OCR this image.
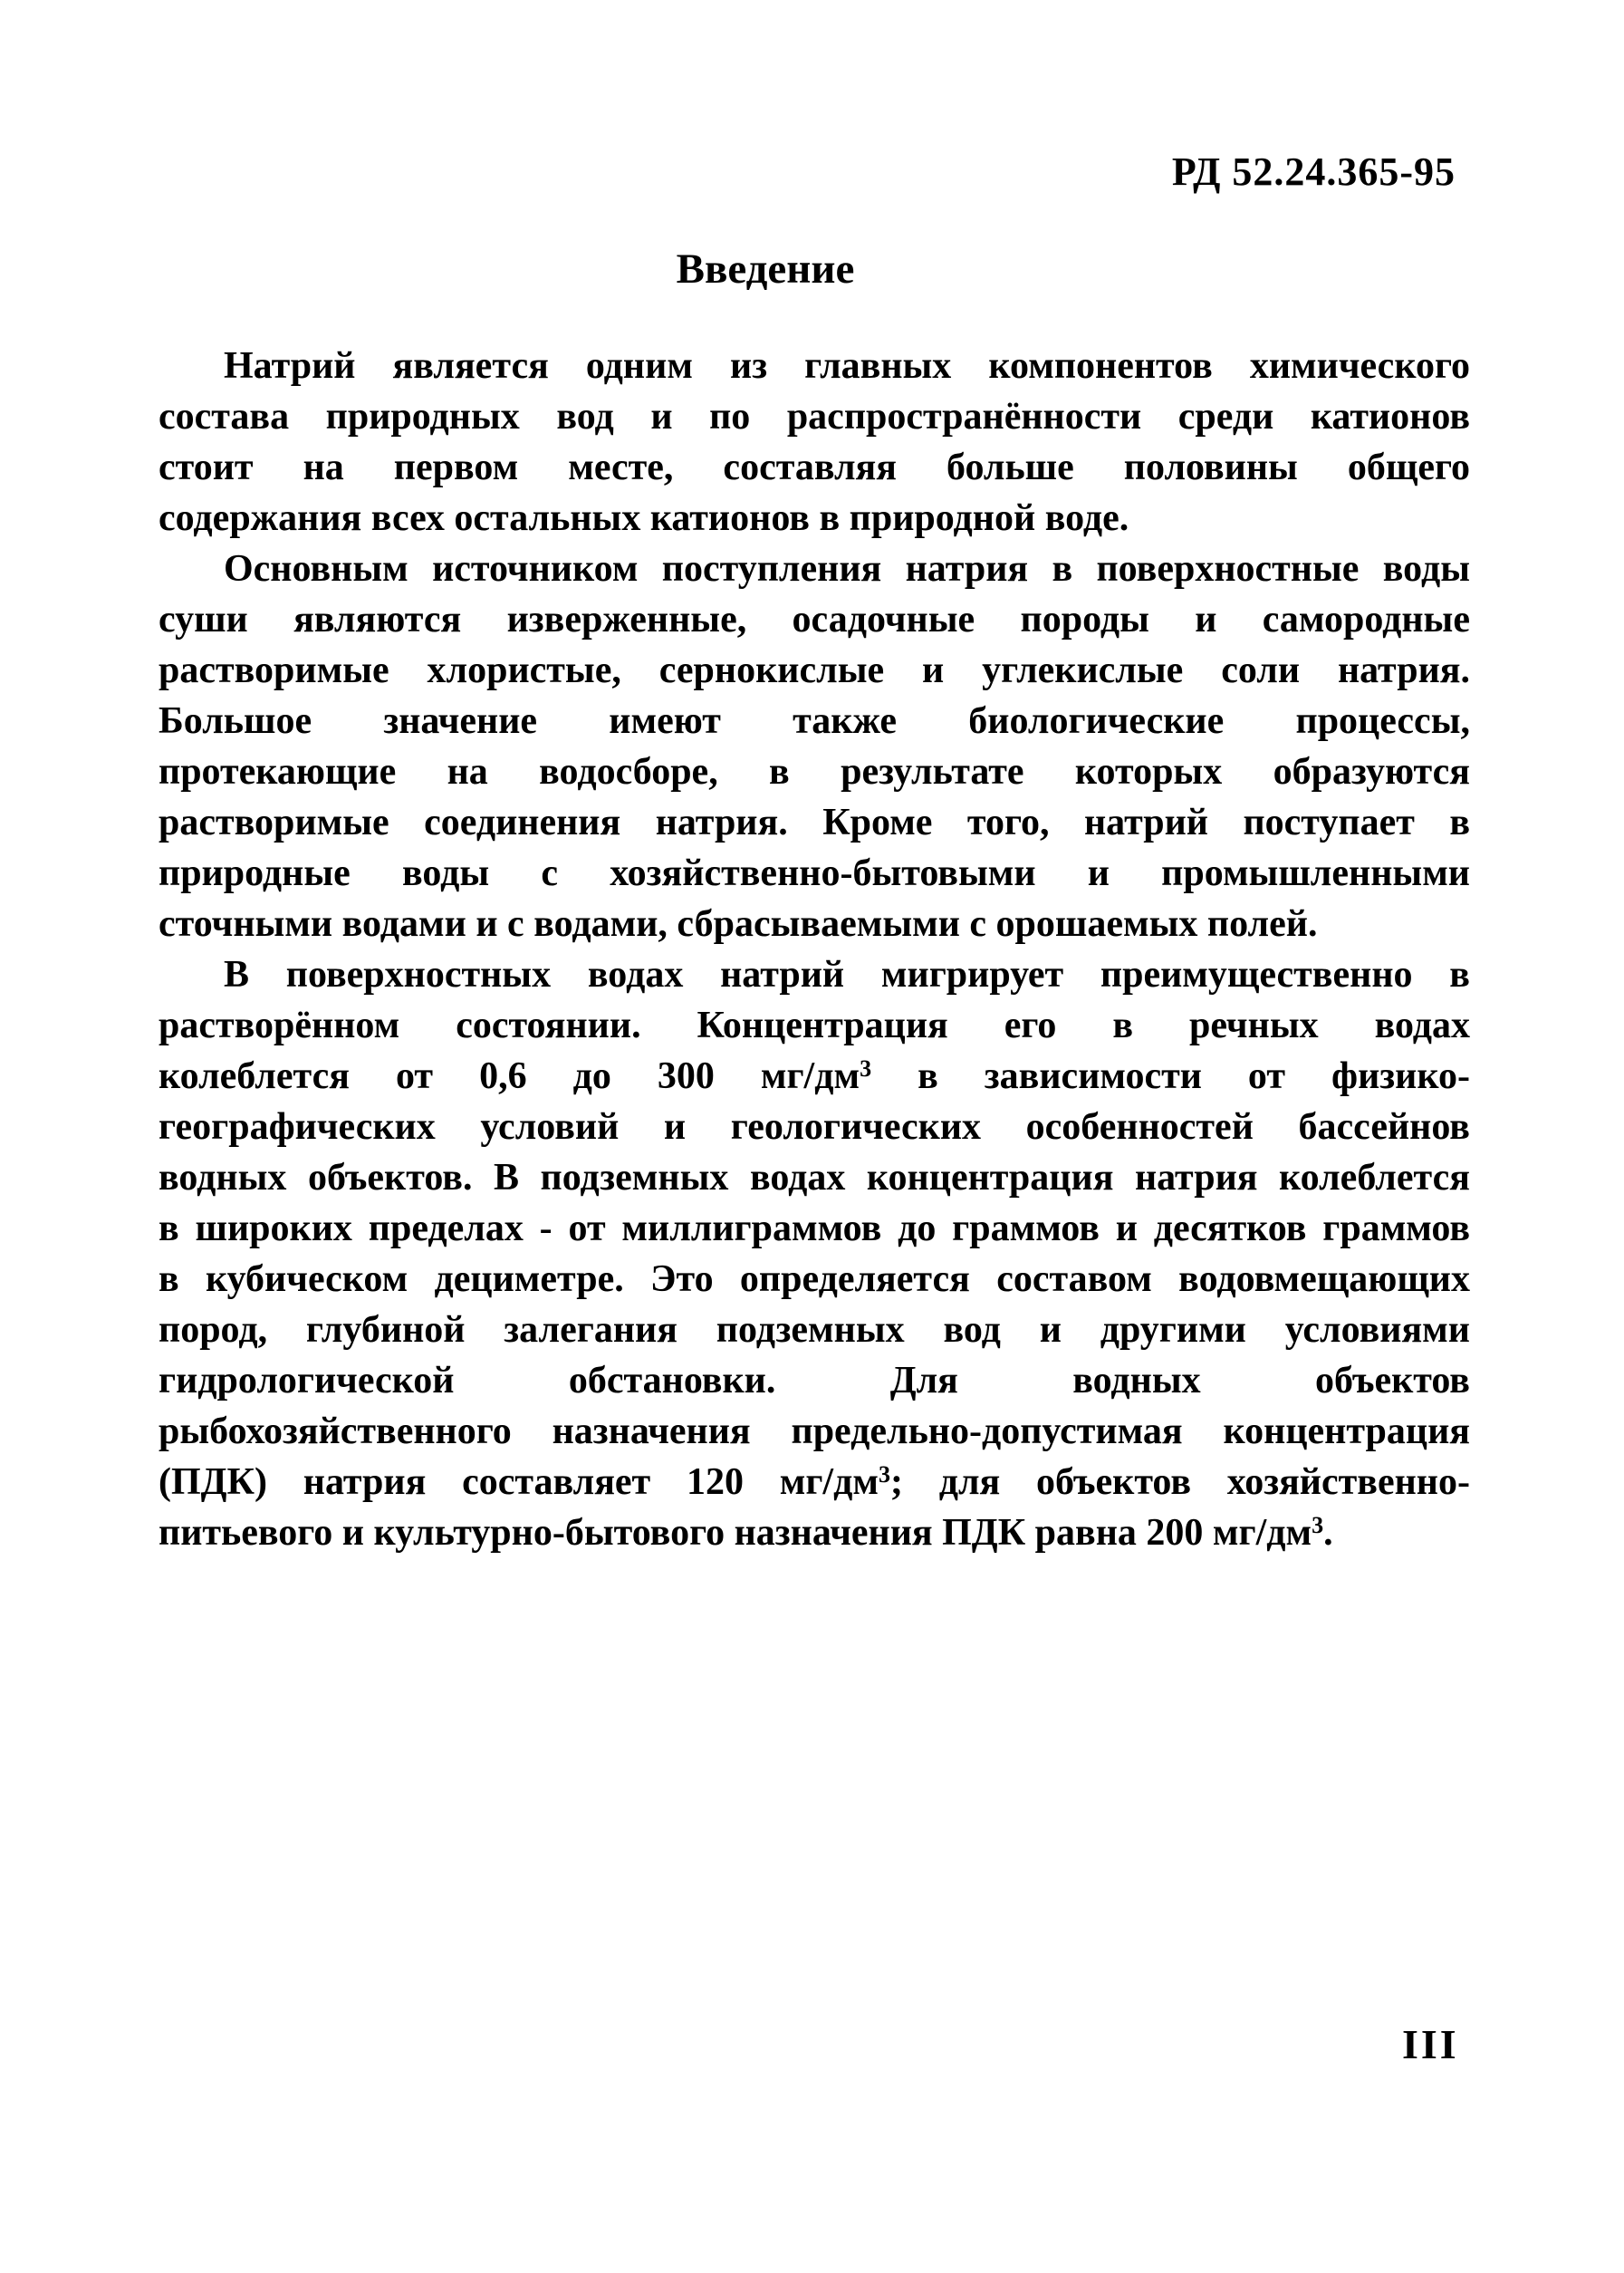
РД 52.24.365-95
Введение
Натрий является одним из главных компонентов химического
состава природных вод и по распространённости среди катионов
стоит на первом месте, составляя больше половины общего
содержания всех остальных катионов в природной воде.
Основным источником поступления натрия в поверхностные воды
суши являются изверженные, осадочные породы и самородные
растворимые хлористые, сернокислые и углекислые соли натрия.
Большое значение имеют также биологические процессы,
протекающие на водосборе, в результате которых образуются
растворимые соединения натрия. Кроме того, натрий поступает в
природные воды с хозяйственно-бытовыми и промышленными
сточными водами и с водами, сбрасываемыми с орошаемых полей.
В поверхностных водах натрий мигрирует преимущественно в
растворённом состоянии. Концентрация его в речных водах
колеблется от 0,6 до 300 $мг/дм^3$ в зависимости от физико-
географических условий и геологических особенностей бассейнов
водных объектов. В подземных водах концентрация натрия колеблется
в широких пределах - от миллиграммов до граммов и десятков граммов
в кубическом дециметре. Это определяется составом водовмещающих
пород, глубиной залегания подземных вод и другими условиями
гидрологической обстановки. Для водных объектов
рыбохозяйственного назначения предельно-допустимая концентрация
(ПДК) натрия составляет 120 $мг/дм^3$; для объектов хозяйственно-
питьевого и культурно-бытового назначения ПДК равна 200 $мг/дм^3$.
III
